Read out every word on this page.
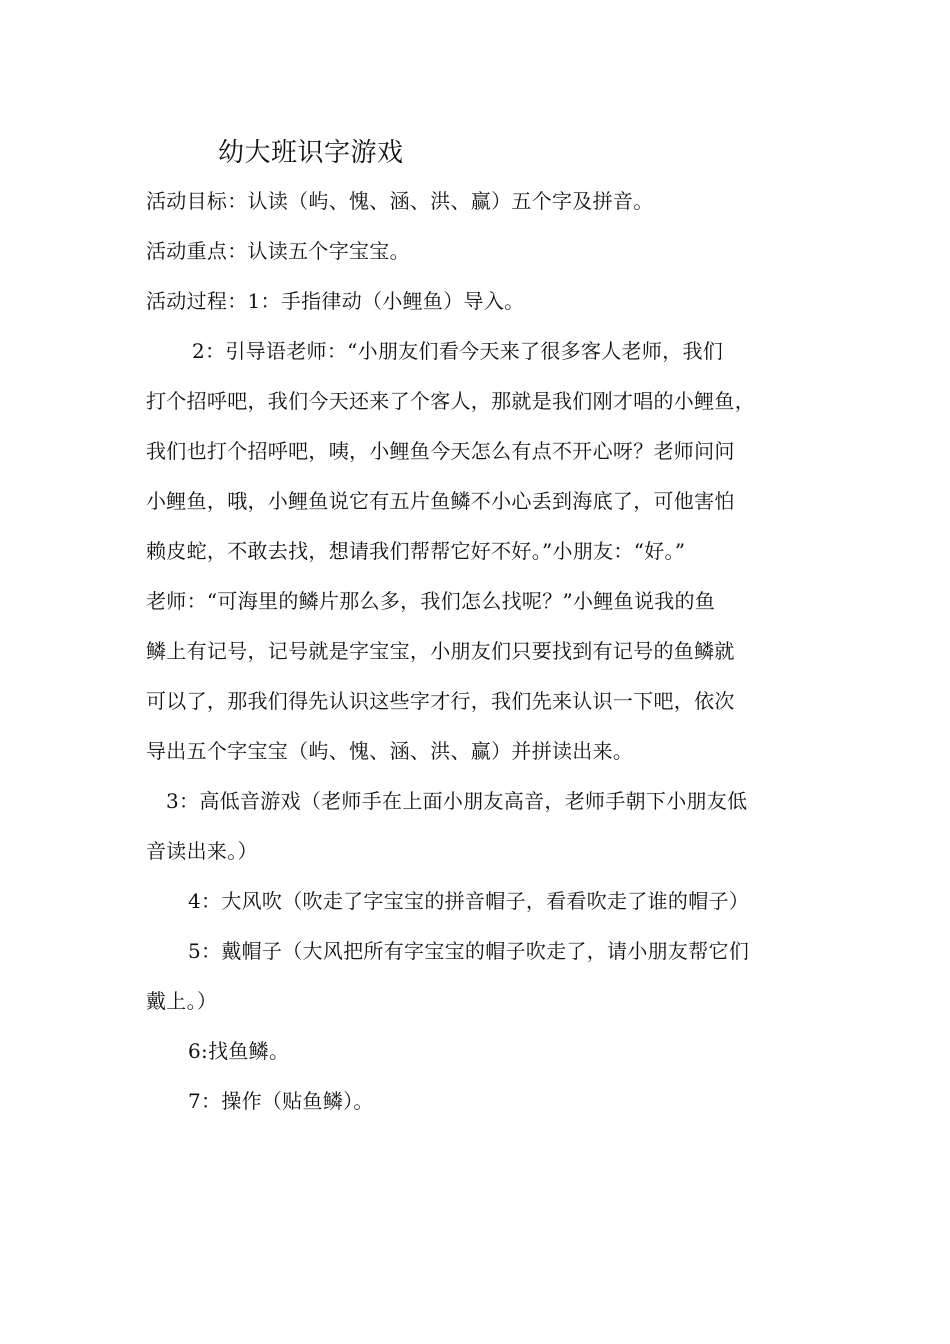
幼大班识字游戏
活动目标：认读（屿、愧、涵、洪、赢）五个字及拼音。
活动重点：认读五个字宝宝。
活动过程：1：手指律动（小鲤鱼）导入。
2：引导语老师：“小朋友们看今天来了很多客人老师，我们
打个招呼吧，我们今天还来了个客人，那就是我们刚才唱的小鲤鱼，
我们也打个招呼吧，咦，小鲤鱼今天怎么有点不开心呀？老师问问
小鲤鱼，哦，小鲤鱼说它有五片鱼鳞不小心丢到海底了，可他害怕
赖皮蛇，不敢去找，想请我们帮帮它好不好。”小朋友：“好。”
老师：“可海里的鳞片那么多，我们怎么找呢？”小鲤鱼说我的鱼
鳞上有记号，记号就是字宝宝，小朋友们只要找到有记号的鱼鳞就
可以了，那我们得先认识这些字才行，我们先来认识一下吧，依次
导出五个字宝宝（屿、愧、涵、洪、赢）并拼读出来。
3：高低音游戏（老师手在上面小朋友高音，老师手朝下小朋友低
音读出来。）
4：大风吹（吹走了字宝宝的拼音帽子，看看吹走了谁的帽子）
5：戴帽子（大风把所有字宝宝的帽子吹走了，请小朋友帮它们
戴上。）
6:找鱼鳞。
7：操作（贴鱼鳞）。
